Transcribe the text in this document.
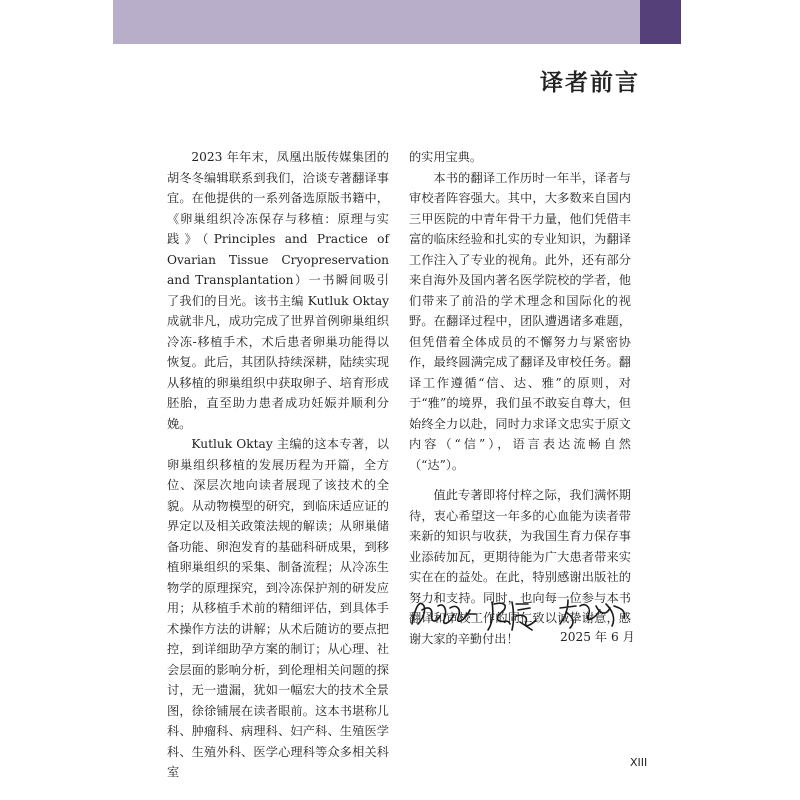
译者前言

2023 年年末，凤凰出版传媒集团的胡冬冬编辑联系到我们，洽谈专著翻译事宜。在他提供的一系列备选原版书籍中，《卵巢组织冷冻保存与移植：原理与实践》（Principles and Practice of Ovarian Tissue Cryopreservation and Transplantation）一书瞬间吸引了我们的目光。该书主编 Kutluk Oktay 成就非凡，成功完成了世界首例卵巢组织冷冻-移植手术，术后患者卵巢功能得以恢复。此后，其团队持续深耕，陆续实现从移植的卵巢组织中获取卵子、培育形成胚胎，直至助力患者成功妊娠并顺利分娩。

Kutluk Oktay 主编的这本专著，以卵巢组织移植的发展历程为开篇，全方位、深层次地向读者展现了该技术的全貌。从动物模型的研究，到临床适应证的界定以及相关政策法规的解读；从卵巢储备功能、卵泡发育的基础科研成果，到移植卵巢组织的采集、制备流程；从冷冻生物学的原理探究，到冷冻保护剂的研发应用；从移植手术前的精细评估，到具体手术操作方法的讲解；从术后随访的要点把控，到详细助孕方案的制订；从心理、社会层面的影响分析，到伦理相关问题的探讨，无一遗漏，犹如一幅宏大的技术全景图，徐徐铺展在读者眼前。这本书堪称儿科、肿瘤科、病理科、妇产科、生殖医学科、生殖外科、医学心理科等众多相关科室

的实用宝典。

本书的翻译工作历时一年半，译者与审校者阵容强大。其中，大多数来自国内三甲医院的中青年骨干力量，他们凭借丰富的临床经验和扎实的专业知识，为翻译工作注入了专业的视角。此外，还有部分来自海外及国内著名医学院校的学者，他们带来了前沿的学术理念和国际化的视野。在翻译过程中，团队遭遇诸多难题，但凭借着全体成员的不懈努力与紧密协作，最终圆满完成了翻译及审校任务。翻译工作遵循“信、达、雅”的原则，对于“雅”的境界，我们虽不敢妄自尊大，但始终全力以赴，同时力求译文忠实于原文内容（“信”），语言表达流畅自然（“达”）。

值此专著即将付梓之际，我们满怀期待，衷心希望这一年多的心血能为读者带来新的知识与收获，为我国生育力保存事业添砖加瓦，更期待能为广大患者带来实实在在的益处。在此，特别感谢出版社的努力和支持。同时，也向每一位参与本书翻译和审校工作的同仁致以诚挚谢意，感谢大家的辛勤付出！	2025 年 6 月
XIII
